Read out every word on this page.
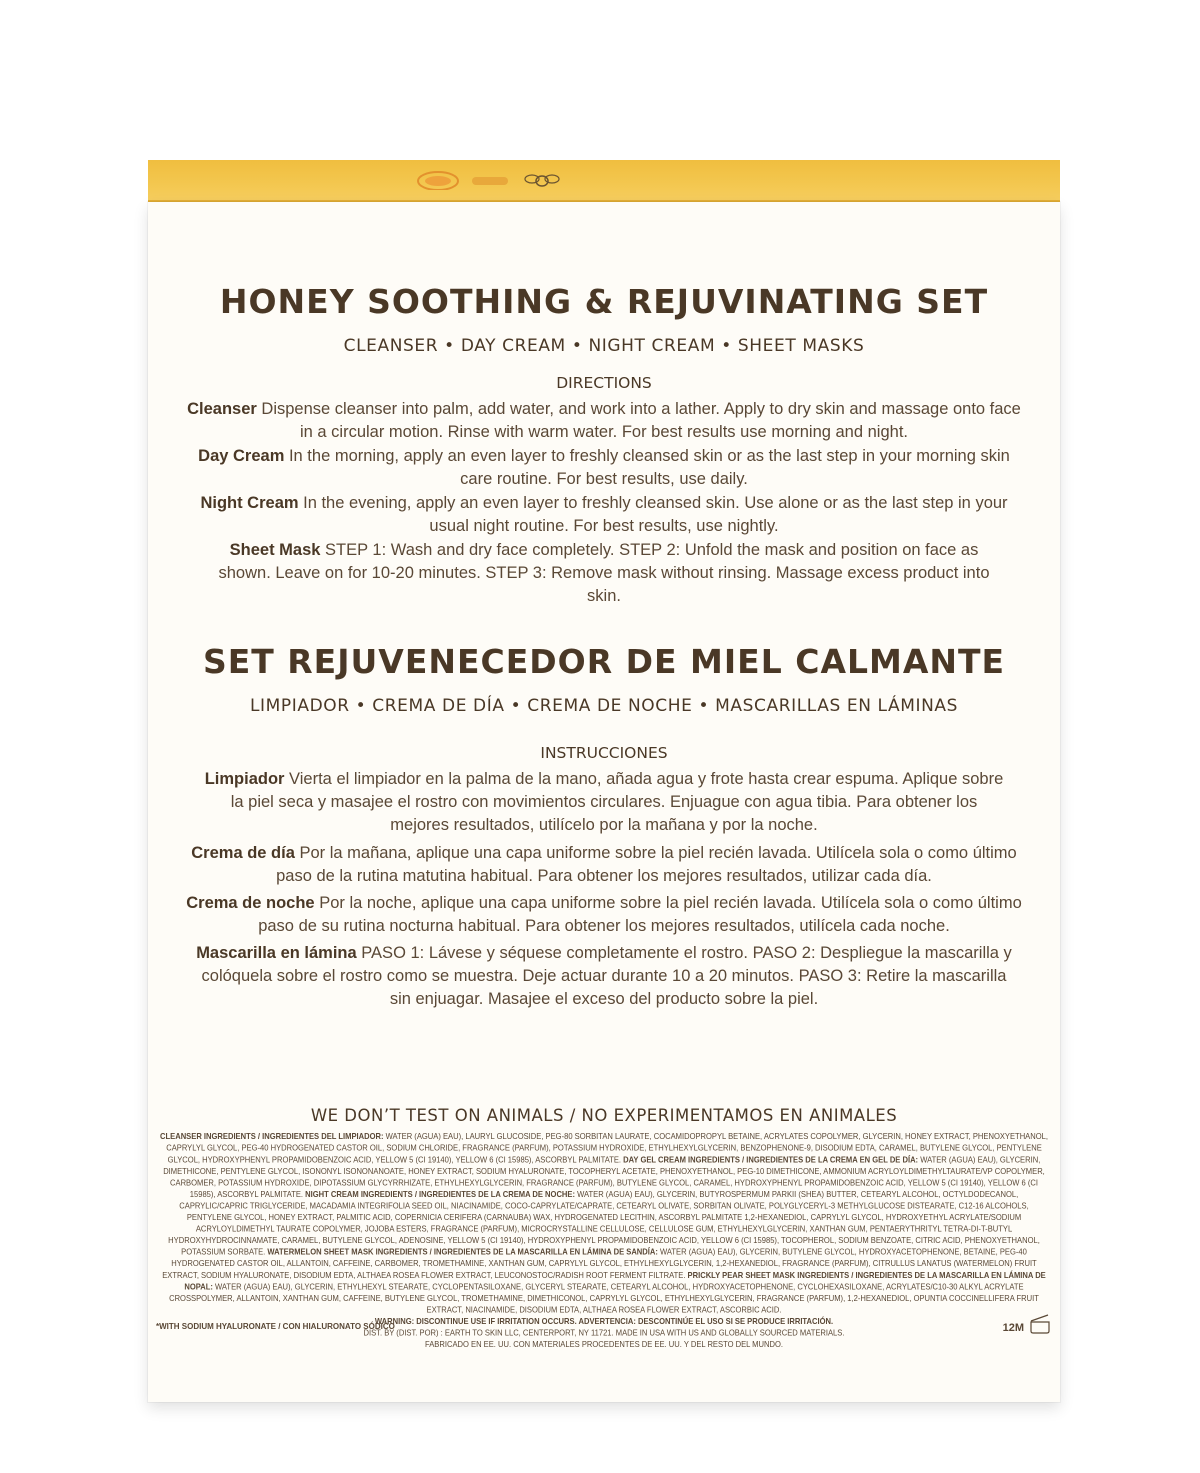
HONEY SOOTHING & REJUVINATING SET
CLEANSER • DAY CREAM • NIGHT CREAM • SHEET MASKS
DIRECTIONS
Cleanser Dispense cleanser into palm, add water, and work into a lather. Apply to dry skin and massage onto face in a circular motion. Rinse with warm water. For best results use morning and night.
Day Cream In the morning, apply an even layer to freshly cleansed skin or as the last step in your morning skin care routine. For best results, use daily.
Night Cream In the evening, apply an even layer to freshly cleansed skin. Use alone or as the last step in your usual night routine. For best results, use nightly.
Sheet Mask STEP 1: Wash and dry face completely. STEP 2: Unfold the mask and position on face as shown. Leave on for 10-20 minutes. STEP 3: Remove mask without rinsing. Massage excess product into skin.
SET REJUVENECEDOR DE MIEL CALMANTE
LIMPIADOR • CREMA DE DÍA • CREMA DE NOCHE • MASCARILLAS EN LÁMINAS
INSTRUCCIONES
Limpiador Vierta el limpiador en la palma de la mano, añada agua y frote hasta crear espuma. Aplique sobre la piel seca y masajee el rostro con movimientos circulares. Enjuague con agua tibia. Para obtener los mejores resultados, utilícelo por la mañana y por la noche.
Crema de día Por la mañana, aplique una capa uniforme sobre la piel recién lavada. Utilícela sola o como último paso de la rutina matutina habitual. Para obtener los mejores resultados, utilizar cada día.
Crema de noche Por la noche, aplique una capa uniforme sobre la piel recién lavada. Utilícela sola o como último paso de su rutina nocturna habitual. Para obtener los mejores resultados, utilícela cada noche.
Mascarilla en lámina PASO 1: Lávese y séquese completamente el rostro. PASO 2: Despliegue la mascarilla y colóquela sobre el rostro como se muestra. Deje actuar durante 10 a 20 minutos. PASO 3: Retire la mascarilla sin enjuagar. Masajee el exceso del producto sobre la piel.
WE DON’T TEST ON ANIMALS / NO EXPERIMENTAMOS EN ANIMALES
CLEANSER INGREDIENTS / INGREDIENTES DEL LIMPIADOR: WATER (AGUA) EAU), LAURYL GLUCOSIDE, PEG-80 SORBITAN LAURATE, COCAMIDOPROPYL BETAINE, ACRYLATES COPOLYMER, GLYCERIN, HONEY EXTRACT, PHENOXYETHANOL, CAPRYLYL GLYCOL, PEG-40 HYDROGENATED CASTOR OIL, SODIUM CHLORIDE, FRAGRANCE (PARFUM), POTASSIUM HYDROXIDE, ETHYLHEXYLGLYCERIN, BENZOPHENONE-9, DISODIUM EDTA, CARAMEL, BUTYLENE GLYCOL, PENTYLENE GLYCOL, HYDROXYPHENYL PROPAMIDOBENZOIC ACID, YELLOW 5 (CI 19140), YELLOW 6 (CI 15985), ASCORBYL PALMITATE. DAY GEL CREAM INGREDIENTS / INGREDIENTES DE LA CREMA EN GEL DE DÍA: WATER (AGUA) EAU), GLYCERIN, DIMETHICONE, PENTYLENE GLYCOL, ISONONYL ISONONANOATE, HONEY EXTRACT, SODIUM HYALURONATE, TOCOPHERYL ACETATE, PHENOXYETHANOL, PEG-10 DIMETHICONE, AMMONIUM ACRYLOYLDIMETHYLTAURATE/VP COPOLYMER, CARBOMER, POTASSIUM HYDROXIDE, DIPOTASSIUM GLYCYRRHIZATE, ETHYLHEXYLGLYCERIN, FRAGRANCE (PARFUM), BUTYLENE GLYCOL, CARAMEL, HYDROXYPHENYL PROPAMIDOBENZOIC ACID, YELLOW 5 (CI 19140), YELLOW 6 (CI 15985), ASCORBYL PALMITATE. NIGHT CREAM INGREDIENTS / INGREDIENTES DE LA CREMA DE NOCHE: WATER (AGUA) EAU), GLYCERIN, BUTYROSPERMUM PARKII (SHEA) BUTTER, CETEARYL ALCOHOL, OCTYLDODECANOL, CAPRYLIC/CAPRIC TRIGLYCERIDE, MACADAMIA INTEGRIFOLIA SEED OIL, NIACINAMIDE, COCO-CAPRYLATE/CAPRATE, CETEARYL OLIVATE, SORBITAN OLIVATE, POLYGLYCERYL-3 METHYLGLUCOSE DISTEARATE, C12-16 ALCOHOLS, PENTYLENE GLYCOL, HONEY EXTRACT, PALMITIC ACID, COPERNICIA CERIFERA (CARNAUBA) WAX, HYDROGENATED LECITHIN, ASCORBYL PALMITATE 1,2-HEXANEDIOL, CAPRYLYL GLYCOL, HYDROXYETHYL ACRYLATE/SODIUM ACRYLOYLDIMETHYL TAURATE COPOLYMER, JOJOBA ESTERS, FRAGRANCE (PARFUM), MICROCRYSTALLINE CELLULOSE, CELLULOSE GUM, ETHYLHEXYLGLYCERIN, XANTHAN GUM, PENTAERYTHRITYL TETRA-DI-T-BUTYL HYDROXYHYDROCINNAMATE, CARAMEL, BUTYLENE GLYCOL, ADENOSINE, YELLOW 5 (CI 19140), HYDROXYPHENYL PROPAMIDOBENZOIC ACID, YELLOW 6 (CI 15985), TOCOPHEROL, SODIUM BENZOATE, CITRIC ACID, PHENOXYETHANOL, POTASSIUM SORBATE. WATERMELON SHEET MASK INGREDIENTS / INGREDIENTES DE LA MASCARILLA EN LÁMINA DE SANDÍA: WATER (AGUA) EAU), GLYCERIN, BUTYLENE GLYCOL, HYDROXYACETOPHENONE, BETAINE, PEG-40 HYDROGENATED CASTOR OIL, ALLANTOIN, CAFFEINE, CARBOMER, TROMETHAMINE, XANTHAN GUM, CAPRYLYL GLYCOL, ETHYLHEXYLGLYCERIN, 1,2-HEXANEDIOL, FRAGRANCE (PARFUM), CITRULLUS LANATUS (WATERMELON) FRUIT EXTRACT, SODIUM HYALURONATE, DISODIUM EDTA, ALTHAEA ROSEA FLOWER EXTRACT, LEUCONOSTOC/RADISH ROOT FERMENT FILTRATE. PRICKLY PEAR SHEET MASK INGREDIENTS / INGREDIENTES DE LA MASCARILLA EN LÁMINA DE NOPAL: WATER (AGUA) EAU), GLYCERIN, ETHYLHEXYL STEARATE, CYCLOPENTASILOXANE, GLYCERYL STEARATE, CETEARYL ALCOHOL, HYDROXYACETOPHENONE, CYCLOHEXASILOXANE, ACRYLATES/C10-30 ALKYL ACRYLATE CROSSPOLYMER, ALLANTOIN, XANTHAN GUM, CAFFEINE, BUTYLENE GLYCOL, TROMETHAMINE, DIMETHICONOL, CAPRYLYL GLYCOL, ETHYLHEXYLGLYCERIN, FRAGRANCE (PARFUM), 1,2-HEXANEDIOL, OPUNTIA COCCINELLIFERA FRUIT EXTRACT, NIACINAMIDE, DISODIUM EDTA, ALTHAEA ROSEA FLOWER EXTRACT, ASCORBIC ACID.
WARNING: DISCONTINUE USE IF IRRITATION OCCURS. ADVERTENCIA: DESCONTINÚE EL USO SI SE PRODUCE IRRITACIÓN.
DIST. BY (DIST. POR) : EARTH TO SKIN LLC, CENTERPORT, NY 11721. MADE IN USA WITH US AND GLOBALLY SOURCED MATERIALS.
FABRICADO EN EE. UU. CON MATERIALES PROCEDENTES DE EE. UU. Y DEL RESTO DEL MUNDO.
*WITH SODIUM HYALURONATE / CON HIALURONATO SÓDICO	12M
